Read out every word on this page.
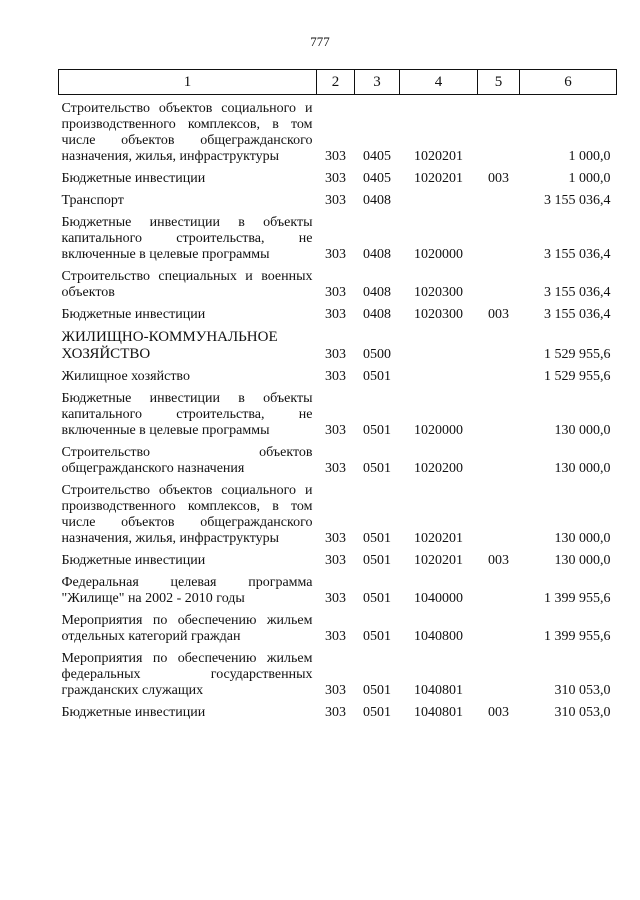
777
1	2	3	4	5	6
Строительство объектов социального и производственного комплексов, в том числе объектов общегражданского назначения, жилья, инфраструктуры	303	0405	1020201		1 000,0
Бюджетные инвестиции	303	0405	1020201	003	1 000,0
Транспорт	303	0408			3 155 036,4
Бюджетные инвестиции в объекты капитального строительства, не включенные в целевые программы	303	0408	1020000		3 155 036,4
Строительство специальных и военных объектов	303	0408	1020300		3 155 036,4
Бюджетные инвестиции	303	0408	1020300	003	3 155 036,4
ЖИЛИЩНО-КОММУНАЛЬНОЕ ХОЗЯЙСТВО	303	0500			1 529 955,6
Жилищное хозяйство	303	0501			1 529 955,6
Бюджетные инвестиции в объекты капитального строительства, не включенные в целевые программы	303	0501	1020000		130 000,0
Строительство объектов общегражданского назначения	303	0501	1020200		130 000,0
Строительство объектов социального и производственного комплексов, в том числе объектов общегражданского назначения, жилья, инфраструктуры	303	0501	1020201		130 000,0
Бюджетные инвестиции	303	0501	1020201	003	130 000,0
Федеральная целевая программа "Жилище" на 2002 - 2010 годы	303	0501	1040000		1 399 955,6
Мероприятия по обеспечению жильем отдельных категорий граждан	303	0501	1040800		1 399 955,6
Мероприятия по обеспечению жильем федеральных государственных гражданских служащих	303	0501	1040801		310 053,0
Бюджетные инвестиции	303	0501	1040801	003	310 053,0
